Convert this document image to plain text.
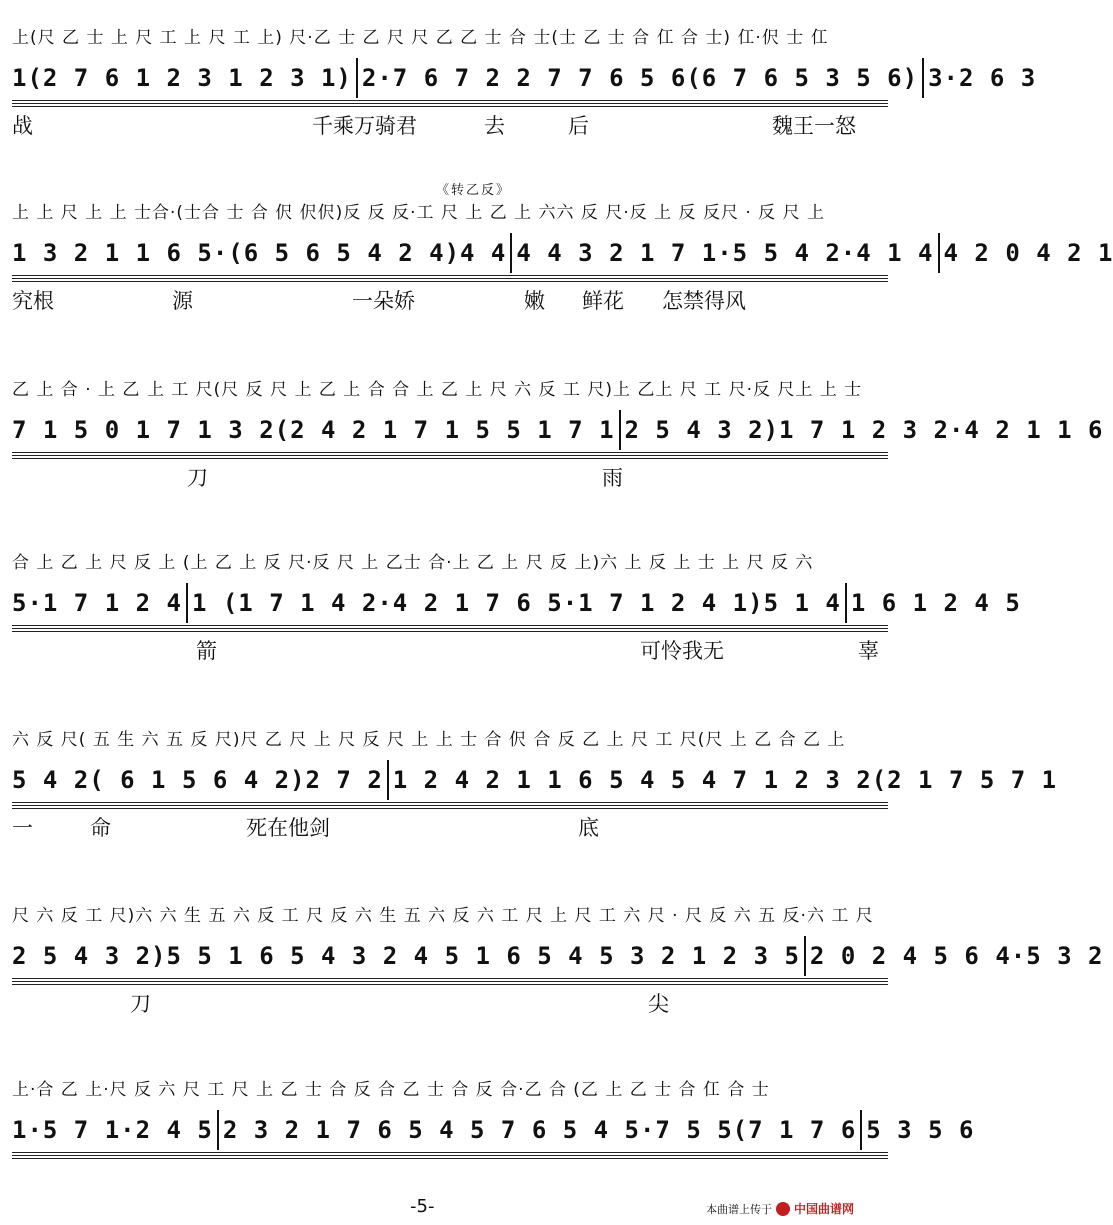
上(尺 乙 士 上 尺 工 上 尺 工 上) 尺·乙 士 乙 尺 尺 乙 乙 士 合 士(士 乙 士 合 仜 合 士) 仜·伬 士 仜
1(2 7 6 1 2 3 1 2 3 1) 2·7 6 7 2 2 7 7 6 5 6(6 7 6 5 3 5 6) 3·2 6 3
战	千乘万骑君	去	后	魏王一怒
上 上 尺 上 上 士合·(士合 士 合 伬 伬伬)反 反 反·工 尺 上 乙 上 六六 反 尺·反 上 反 反尺 · 反 尺 上
《转乙反》
1 3 2 1 1 6 5·(6 5 6 5 4 2 4)4 4 4 4 3 2 1 7 1·5 5 4 2·4 1 4 4 2 0 4 2 1
究根	源	一朵娇	嫩 鲜花 怎禁得风
乙 上 合 · 上 乙 上 工 尺(尺 反 尺 上 乙 上 合 合 上 乙 上 尺 六 反 工 尺)上 乙上 尺 工 尺·反 尺上 上 士
7 1 5 0 1 7 1 3 2(2 4 2 1 7 1 5 5 1 7 1 2 5 4 3 2)1 7 1 2 3 2·4 2 1 1 6
刀	雨
合 上 乙 上 尺 反 上 (上 乙 上 反 尺·反 尺 上 乙士 合·上 乙 上 尺 反 上)六 上 反 上 士 上 尺 反 六
5·1 7 1 2 4 1 (1 7 1 4 2·4 2 1 7 6 5·1 7 1 2 4 1)5 1 4 1 6 1 2 4 5
箭	可怜我无	辜
六 反 尺( 五 生 六 五 反 尺)尺 乙 尺 上 尺 反 尺 上 上 士 合 伬 合 反 乙 上 尺 工 尺(尺 上 乙 合 乙 上
5 4 2( 6 1 5 6 4 2)2 7 2 1 2 4 2 1 1 6 5 4 5 4 7 1 2 3 2(2 1 7 5 7 1
一	命	死在他剑	底
尺 六 反 工 尺)六 六 生 五 六 反 工 尺 反 六 生 五 六 反 六 工 尺 上 尺 工 六 尺 · 尺 反 六 五 反·六 工 尺
2 5 4 3 2)5 5 1 6 5 4 3 2 4 5 1 6 5 4 5 3 2 1 2 3 5 2 0 2 4 5 6 4·5 3 2
刀	尖
上·合 乙 上·尺 反 六 尺 工 尺 上 乙 士 合 反 合 乙 士 合 反 合·乙 合 (乙 上 乙 士 合 仜 合 士
1·5 7 1·2 4 5 2 3 2 1 7 6 5 4 5 7 6 5 4 5·7 5 5(7 1 7 6 5 3 5 6
-5-	本曲谱上传于 中国曲谱网
